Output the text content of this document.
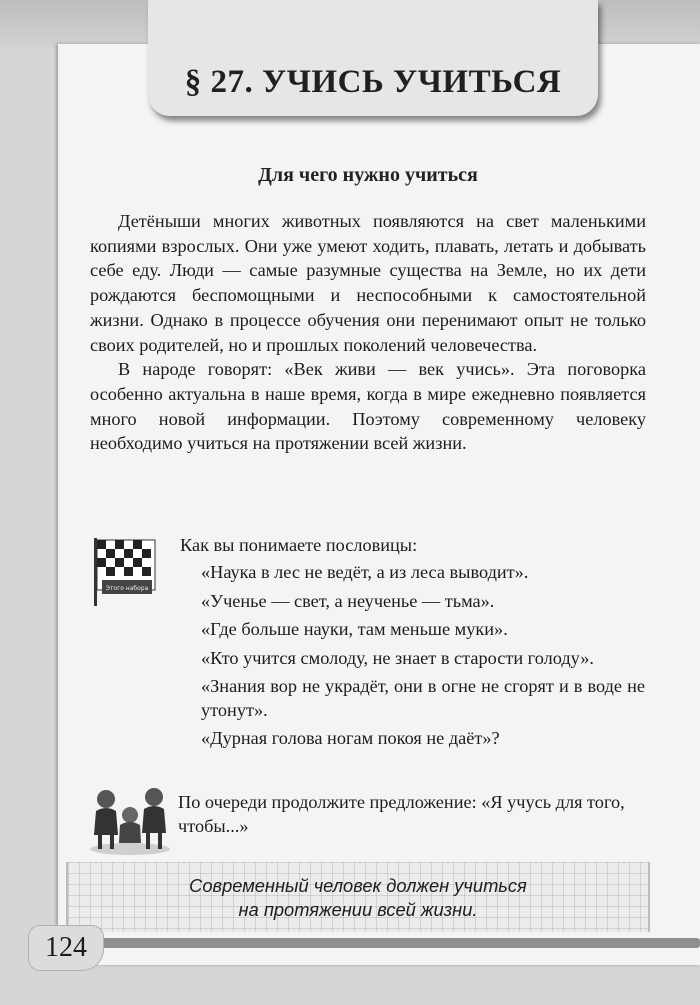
§ 27. УЧИСЬ УЧИТЬСЯ
Для чего нужно учиться

Детёныши многих животных появляются на свет маленькими копиями взрослых. Они уже умеют ходить, плавать, летать и добывать себе еду. Люди — самые разумные существа на Земле, но их дети рождаются беспомощными и неспособными к самостоятельной жизни. Однако в процессе обучения они перенимают опыт не только своих родителей, но и прошлых поколений человечества.

В народе говорят: «Век живи — век учись». Эта поговорка особенно актуальна в наше время, когда в мире ежедневно появляется много новой информации. Поэтому современному человеку необходимо учиться на протяжении всей жизни.

Этого набора
Как вы понимаете пословицы:

«Наука в лес не ведёт, а из леса выводит».

«Ученье — свет, а неученье — тьма».

«Где больше науки, там меньше муки».

«Кто учится смолоду, не знает в старости голоду».

«Знания вор не украдёт, они в огне не сгорят и в воде не утонут».

«Дурная голова ногам покоя не даёт»?

По очереди продолжите предложение: «Я учусь для того, чтобы...»
Современный человек должен учиться
на протяжении всей жизни.
124
